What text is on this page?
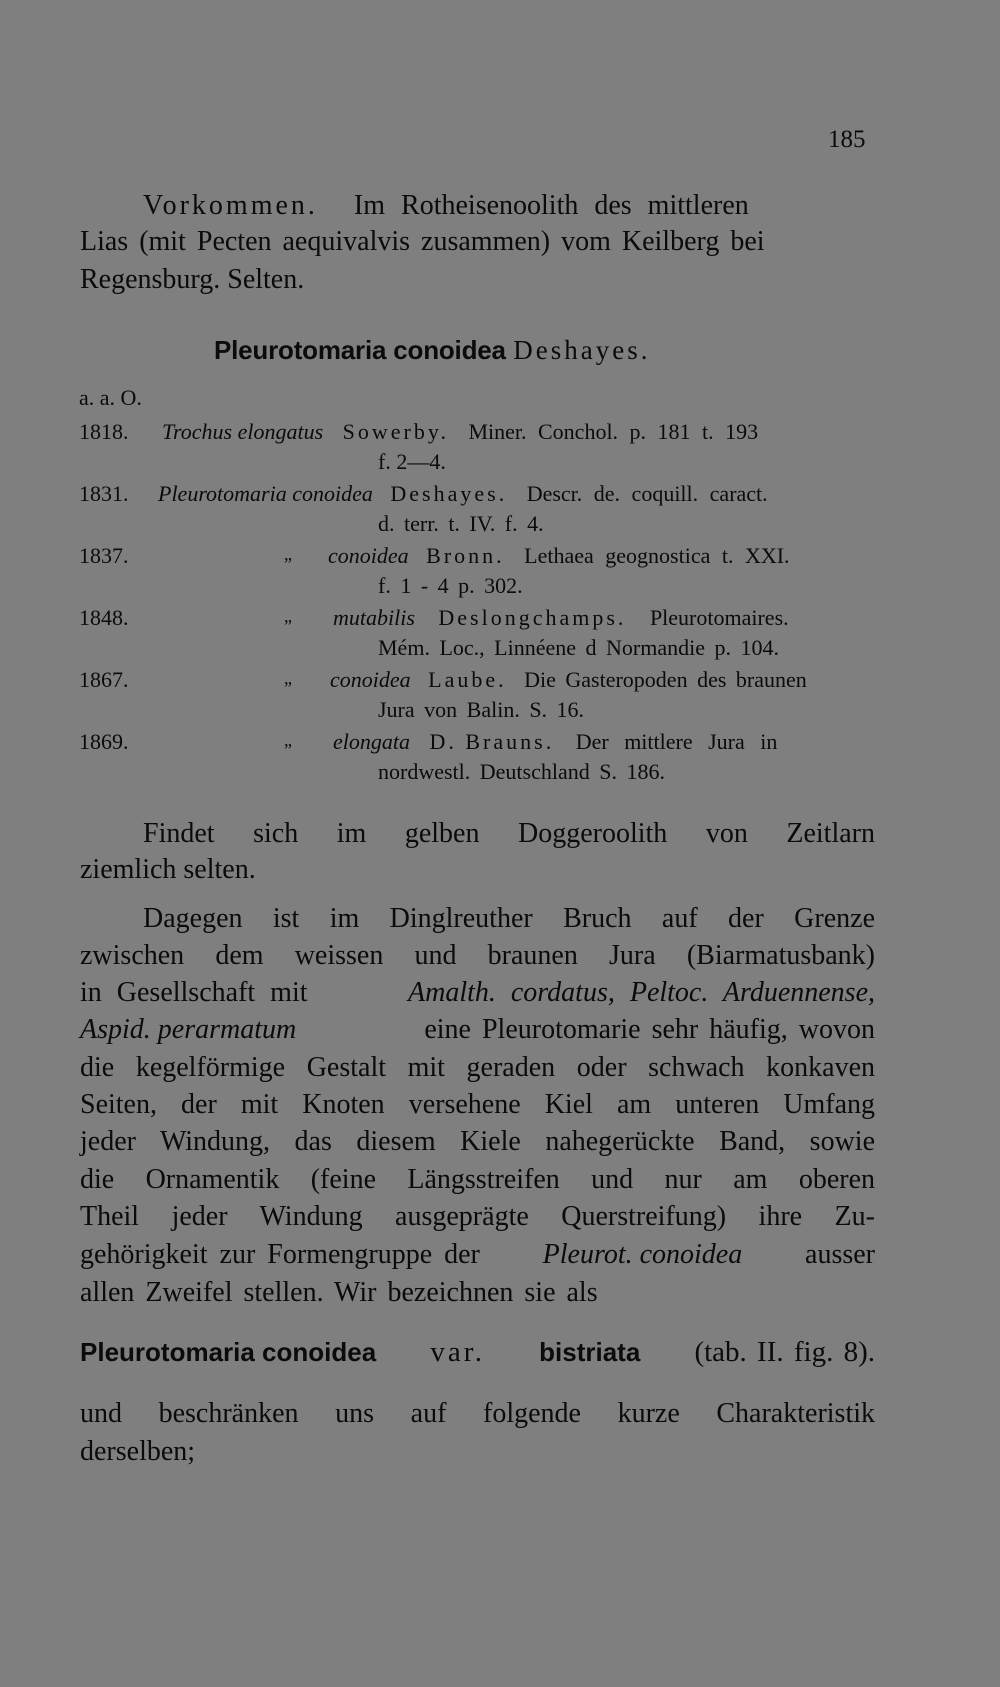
185
Vorkommen. Im Rotheisenoolith des mittleren
Lias (mit Pecten aequivalvis zusammen) vom Keilberg bei
Regensburg. Selten.
Pleurotomaria conoidea Deshayes.
a. a. O.
1818. Trochus elongatus Sowerby. Miner. Conchol. p. 181 t. 193
f. 2—4.
1831. Pleurotomaria conoidea Deshayes. Descr. de. coquill. caract.
d. terr. t. IV. f. 4.
1837.	„ conoidea Bronn. Lethaea geognostica t. XXI.
f. 1 - 4 p. 302.
1848.	„ mutabilis Deslongchamps. Pleurotomaires.
Mém. Loc., Linnéene d Normandie p. 104.
1867.	„ conoidea Laube. Die Gasteropoden des braunen
Jura von Balin. S. 16.
1869.	„ elongata D. Brauns. Der mittlere Jura in
nordwestl. Deutschland S. 186.
Findet sich im gelben Doggeroolith von Zeitlarn
ziemlich selten.
Dagegen ist im Dinglreuther Bruch auf der Grenze
zwischen dem weissen und braunen Jura (Biarmatusbank)
in Gesellschaft mit	Amalth. cordatus, Peltoc. Arduennense,
Aspid. perarmatum	eine Pleurotomarie sehr häufig, wovon
die kegelförmige Gestalt mit geraden oder schwach konkaven
Seiten, der mit Knoten versehene Kiel am unteren Umfang
jeder Windung, das diesem Kiele nahegerückte Band, sowie
die Ornamentik (feine Längsstreifen und nur am oberen
Theil jeder Windung ausgeprägte Querstreifung) ihre Zu-
gehörigkeit zur Formengruppe der Pleurot. conoidea ausser
allen Zweifel stellen. Wir bezeichnen sie als
Pleurotomaria conoidea var. bistriata (tab. II. fig. 8).
und beschränken uns auf folgende kurze Charakteristik
derselben;
